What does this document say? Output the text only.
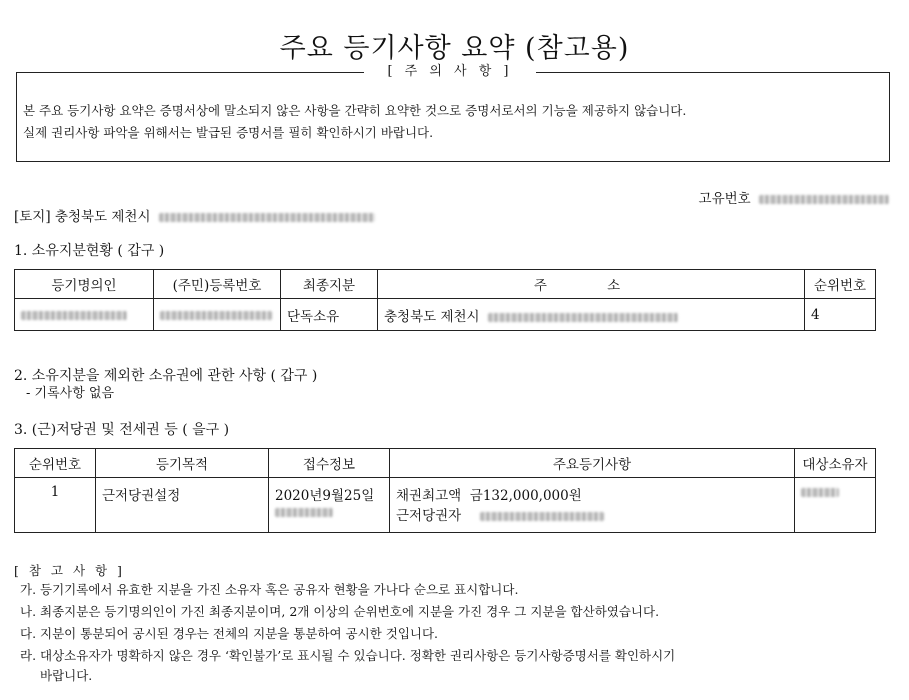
주요 등기사항 요약 (참고용)
[ 주 의 사 항 ]
본 주요 등기사항 요약은 증명서상에 말소되지 않은 사항을 간략히 요약한 것으로 증명서로서의 기능을 제공하지 않습니다.
실제 권리사항 파악을 위해서는 발급된 증명서를 필히 확인하시기 바랍니다.
고유번호
[토지] 충청북도 제천시
1. 소유지분현황 ( 갑구 )
등기명의인	(주민)등록번호	최종지분	주 소	순위번호
		단독소유	충청북도 제천시	4
2. 소유지분을 제외한 소유권에 관한 사항 ( 갑구 )
- 기록사항 없음
3. (근)저당권 및 전세권 등 ( 을구 )
순위번호	등기목적	접수정보	주요등기사항	대상소유자
1	근저당권설정	2020년9월25일	채권최고액  금132,000,000원
근저당권자	

[ 참 고 사 항 ]
가. 등기기록에서 유효한 지분을 가진 소유자 혹은 공유자 현황을 가나다 순으로 표시합니다.
나. 최종지분은 등기명의인이 가진 최종지분이며, 2개 이상의 순위번호에 지분을 가진 경우 그 지분을 합산하였습니다.
다. 지분이 통분되어 공시된 경우는 전체의 지분을 통분하여 공시한 것입니다.
라. 대상소유자가 명확하지 않은 경우 ‘확인불가’로 표시될 수 있습니다. 정확한 권리사항은 등기사항증명서를 확인하시기
바랍니다.
